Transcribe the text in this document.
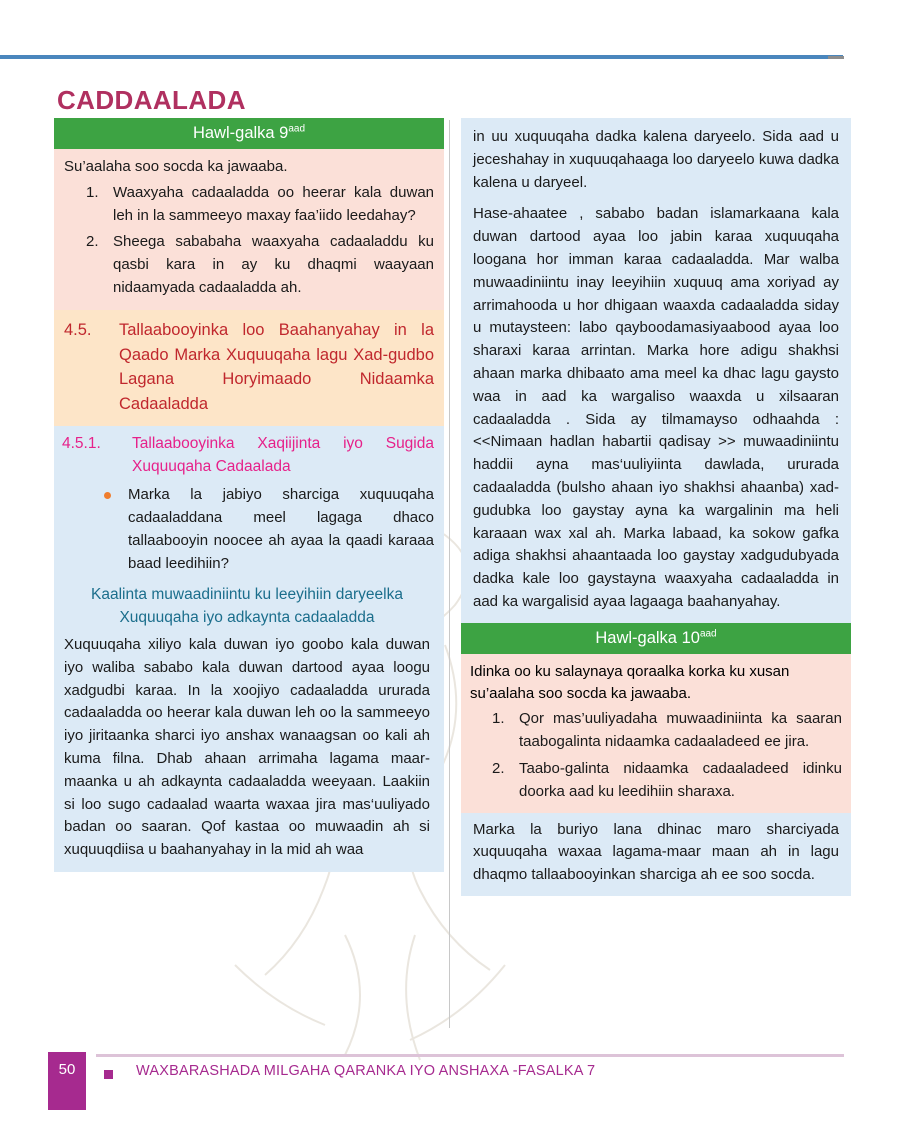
CADDAALADA
Hawl-galka $9^{aad}$

Su’aalaha soo socda ka jawaaba.

Waaxyaha cadaaladda oo heerar kala duwan leh in la sammeeyo maxay faa’iido leedahay?
Sheega sababaha waaxyaha cadaaladdu ku qasbi kara in ay ku dhaqmi waayaan nidaamyada cadaaladda ah.
4.5. Tallaabooyinka loo Baahanyahay in la Qaado Marka Xuquuqaha lagu Xad-gudbo Lagana Horyimaado Nidaamka Cadaaladda
4.5.1. Tallaabooyinka Xaqiijinta iyo Sugida Xuquuqaha Cadaalada
Marka la jabiyo sharciga xuquuqaha cadaaladdana meel lagaga dhaco tallaabooyin noocee ah ayaa la qaadi karaaa baad leedihiin?
Kaalinta muwaadiniintu ku leeyihiin daryeelka Xuquuqaha iyo adkaynta cadaaladda

Xuquuqaha xiliyo kala duwan iyo goobo kala duwan iyo waliba sababo kala duwan dartood ayaa loogu xadgudbi karaa. In la xoojiyo cadaaladda ururada cadaaladda oo heerar kala duwan leh oo la sammeeyo iyo jiritaanka sharci iyo anshax wanaagsan oo kali ah kuma filna. Dhab ahaan arrimaha lagama maar-maanka u ah adkaynta cadaaladda weeyaan. Laakiin si loo sugo cadaalad waarta waxaa jira mas‘uuliyado badan oo saaran. Qof kastaa oo muwaadin ah si xuquuqdiisa u baahanyahay in la mid ah waa

in uu xuquuqaha dadka kalena daryeelo. Sida aad u jeceshahay in xuquuqahaaga loo daryeelo kuwa dadka kalena u daryeel.

Hase-ahaatee , sababo badan islamarkaana kala duwan dartood ayaa loo jabin karaa xuquuqaha loogana hor imman karaa cadaaladda. Mar walba muwaadiniintu inay leeyihiin xuquuq ama xoriyad ay arrimahooda u hor dhigaan waaxda cadaaladda siday u mutaysteen: labo qayboodamasiyaabood ayaa loo sharaxi karaa arrintan. Marka hore adigu shakhsi ahaan marka dhibaato ama meel ka dhac lagu gaysto waa in aad ka wargaliso waaxda u xilsaaran cadaaladda . Sida ay tilmamayso odhaahda : <<Nimaan hadlan habartii qadisay >> muwaadiniintu haddii ayna mas‘uuliyiinta dawlada, ururada cadaaladda (bulsho ahaan iyo shakhsi ahaanba) xad-gudubka loo gaystay ayna ka wargalinin ma heli karaaan wax xal ah. Marka labaad, ka sokow gafka adiga shakhsi ahaantaada loo gaystay xadgudubyada dadka kale loo gaystayna waaxyaha cadaaladda in aad ka wargalisid ayaa lagaaga baahanyahay.

Hawl-galka $10^{aad}$

Idinka oo ku salaynaya qoraalka korka ku xusan su’aalaha soo socda ka jawaaba.

Qor mas’uuliyadaha muwaadiniinta ka saaran taabogalinta nidaamka cadaaladeed ee jira.
Taabo-galinta nidaamka cadaaladeed idinku doorka aad ku leedihiin sharaxa.

Marka la buriyo lana dhinac maro sharciyada xuquuqaha waxaa lagama-maar maan ah in lagu dhaqmo tallaabooyinkan sharciga ah ee soo socda.

50	WAXBARASHADA MILGAHA QARANKA IYO ANSHAXA -FASALKA 7
